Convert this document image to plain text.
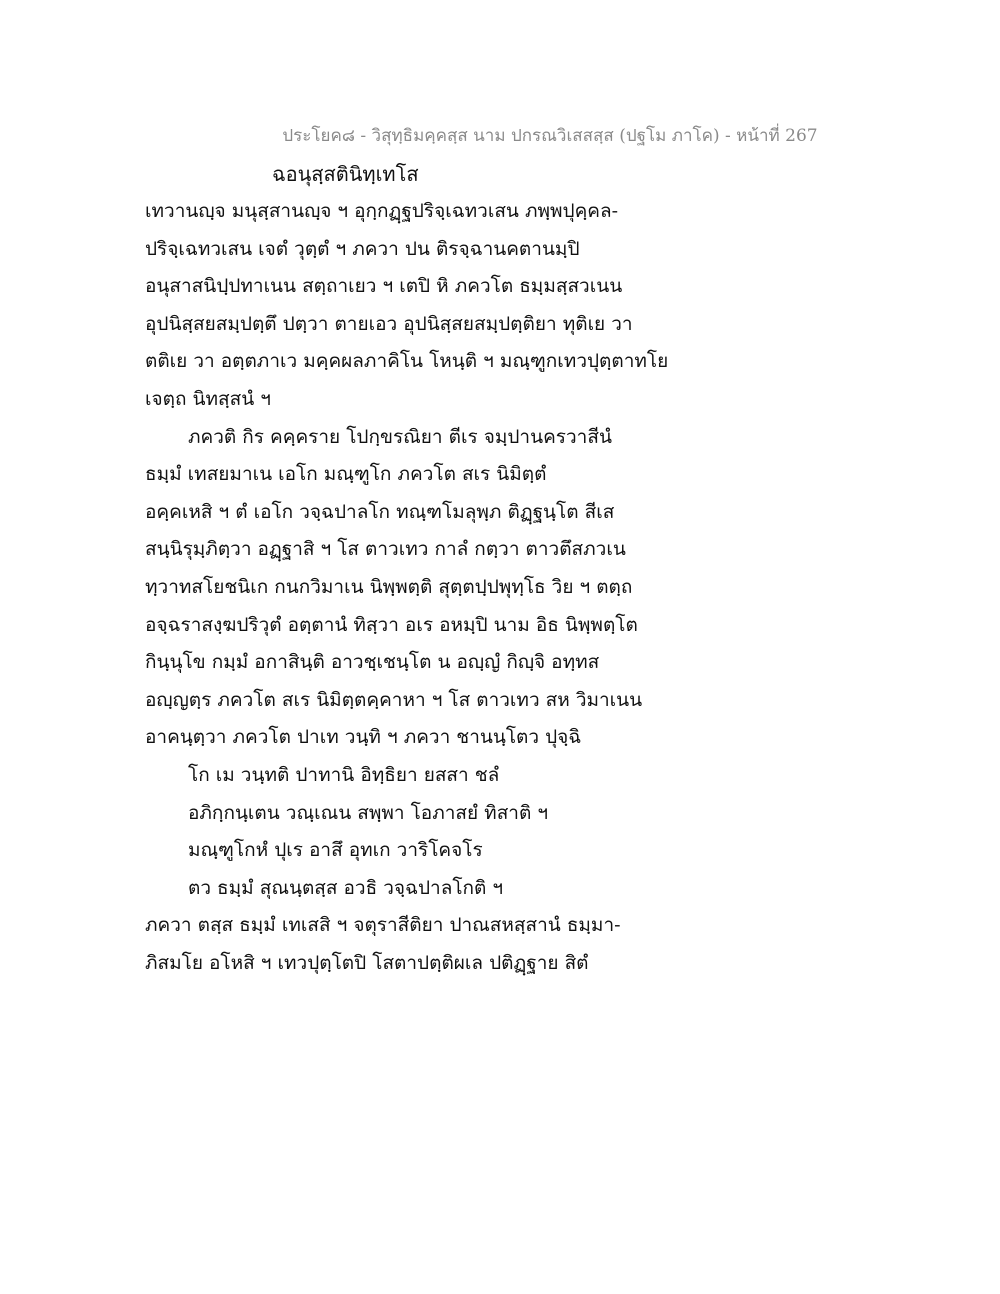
ประโยค๘ - วิสุทฺธิมคฺคสฺส นาม ปกรณวิเสสสฺส (ปฐโม ภาโค) - หน้าที่ 267
ฉอนุสฺสตินิทฺเทโส
เทวานญฺจ มนุสฺสานญฺจ ฯ อุกฺกฏฺฐปริจฺเฉทวเสน ภพฺพปุคฺคล-
ปริจฺเฉทวเสน เจตํ วุตฺตํ ฯ ภควา ปน ติรจฺฉานคตานมฺปิ
อนุสาสนิปฺปทาเนน สตฺถาเยว ฯ เตปิ หิ ภควโต ธมฺมสฺสวเนน
อุปนิสฺสยสมฺปตฺตึ ปตฺวา ตายเอว อุปนิสฺสยสมฺปตฺติยา ทุติเย วา
ตติเย วา อตฺตภาเว มคฺคผลภาคิโน โหนฺติ ฯ มณฺฑูกเทวปุตฺตาทโย
เจตฺถ นิทสฺสนํ ฯ
ภควติ กิร คคฺคราย โปกฺขรณิยา ตีเร จมฺปานครวาสีนํ
ธมฺมํ เทสยมาเน เอโก มณฺฑูโก ภควโต สเร นิมิตฺตํ
อคฺคเหสิ ฯ ตํ เอโก วจฺฉปาลโก ทณฺฑโมลุพฺภ ติฏฺฐนฺโต สีเส
สนฺนิรุมฺภิตฺวา อฏฺฐาสิ ฯ โส ตาวเทว กาลํ กตฺวา ตาวตึสภวเน
ทฺวาทสโยชนิเก กนกวิมาเน นิพฺพตฺติ สุตฺตปฺปพุทฺโธ วิย ฯ ตตฺถ
อจฺฉราสงฺฆปริวุตํ อตฺตานํ ทิสฺวา อเร อหมฺปิ นาม อิธ นิพฺพตฺโต
กินฺนุโข กมฺมํ อกาสินฺติ อาวชฺเชนฺโต น อญฺญํ กิญฺจิ อทฺทส
อญฺญตฺร ภควโต สเร นิมิตฺตคฺคาหา ฯ โส ตาวเทว สห วิมาเนน
อาคนฺตฺวา ภควโต ปาเท วนฺทิ ฯ ภควา ชานนฺโตว ปุจฺฉิ
โก เม วนฺทติ ปาทานิ อิทฺธิยา ยสสา ชลํ
อภิกฺกนฺเตน วณฺเณน สพฺพา โอภาสยํ ทิสาติ ฯ
มณฺฑูโกหํ ปุเร อาสึ อุทเก วาริโคจโร
ตว ธมฺมํ สุณนฺตสฺส อวธิ วจฺฉปาลโกติ ฯ
ภควา ตสฺส ธมฺมํ เทเสสิ ฯ จตุราสีติยา ปาณสหสฺสานํ ธมฺมา-
ภิสมโย อโหสิ ฯ เทวปุตฺโตปิ โสตาปตฺติผเล ปติฏฺฐาย สิตํ
